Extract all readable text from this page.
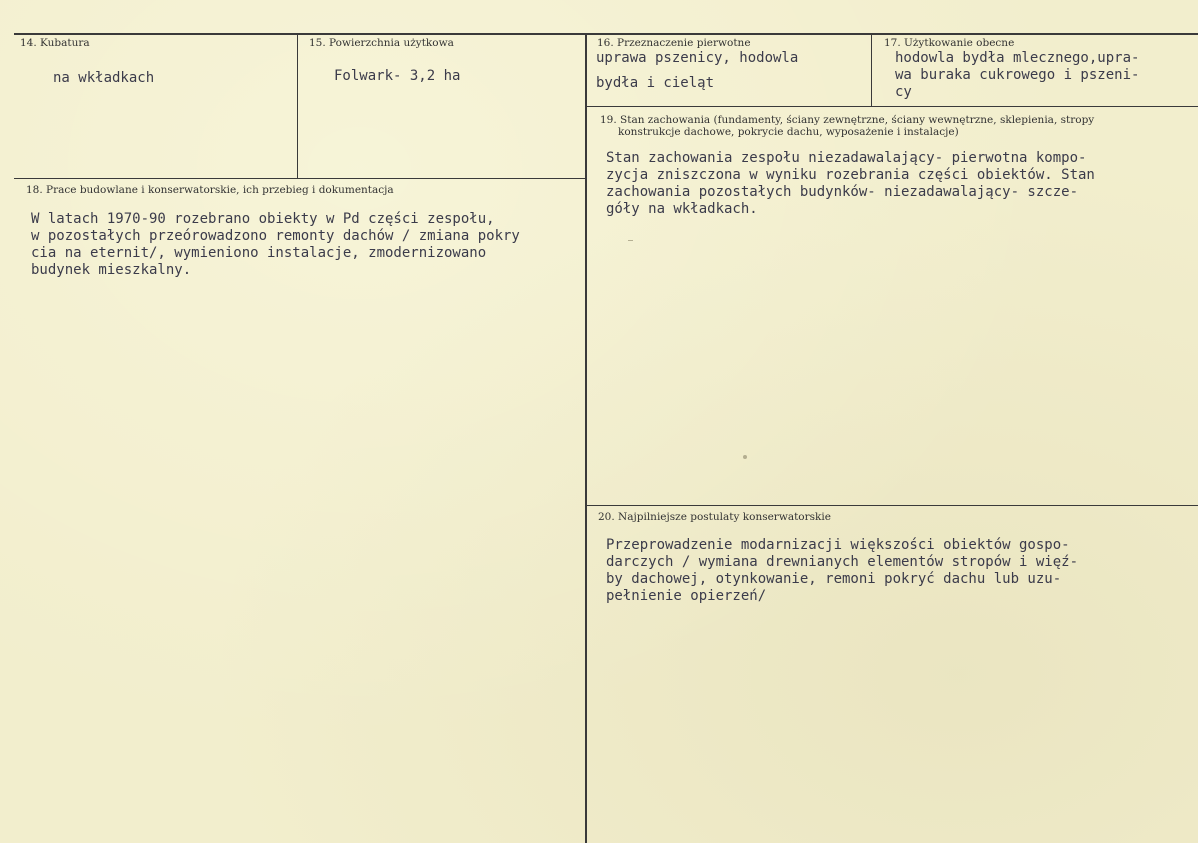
14. Kubatura
na wkładkach
15. Powierzchnia użytkowa
Folwark- 3,2 ha
16. Przeznaczenie pierwotne
uprawa pszenicy, hodowla
bydła i cieląt
17. Użytkowanie obecne
hodowla bydła mlecznego,upra-
wa buraka cukrowego i pszeni-
cy
18. Prace budowlane i konserwatorskie, ich przebieg i dokumentacja
W latach 1970-90 rozebrano obiekty w Pd części zespołu,
w pozostałych przeórowadzono remonty dachów / zmiana pokry
cia na eternit/, wymieniono instalacje, zmodernizowano
budynek mieszkalny.
19. Stan zachowania (fundamenty, ściany zewnętrzne, ściany wewnętrzne, sklepienia, stropy
konstrukcje dachowe, pokrycie dachu, wyposażenie i instalacje)
Stan zachowania zespołu niezadawalający- pierwotna kompo-
zycja zniszczona w wyniku rozebrania części obiektów. Stan
zachowania pozostałych budynków- niezadawalający- szcze-
góły na wkładkach.
20. Najpilniejsze postulaty konserwatorskie
Przeprowadzenie modarnizacji większości obiektów gospo-
darczych / wymiana drewnianych elementów stropów i więź-
by dachowej, otynkowanie, remoni pokryć dachu lub uzu-
pełnienie opierzeń/
